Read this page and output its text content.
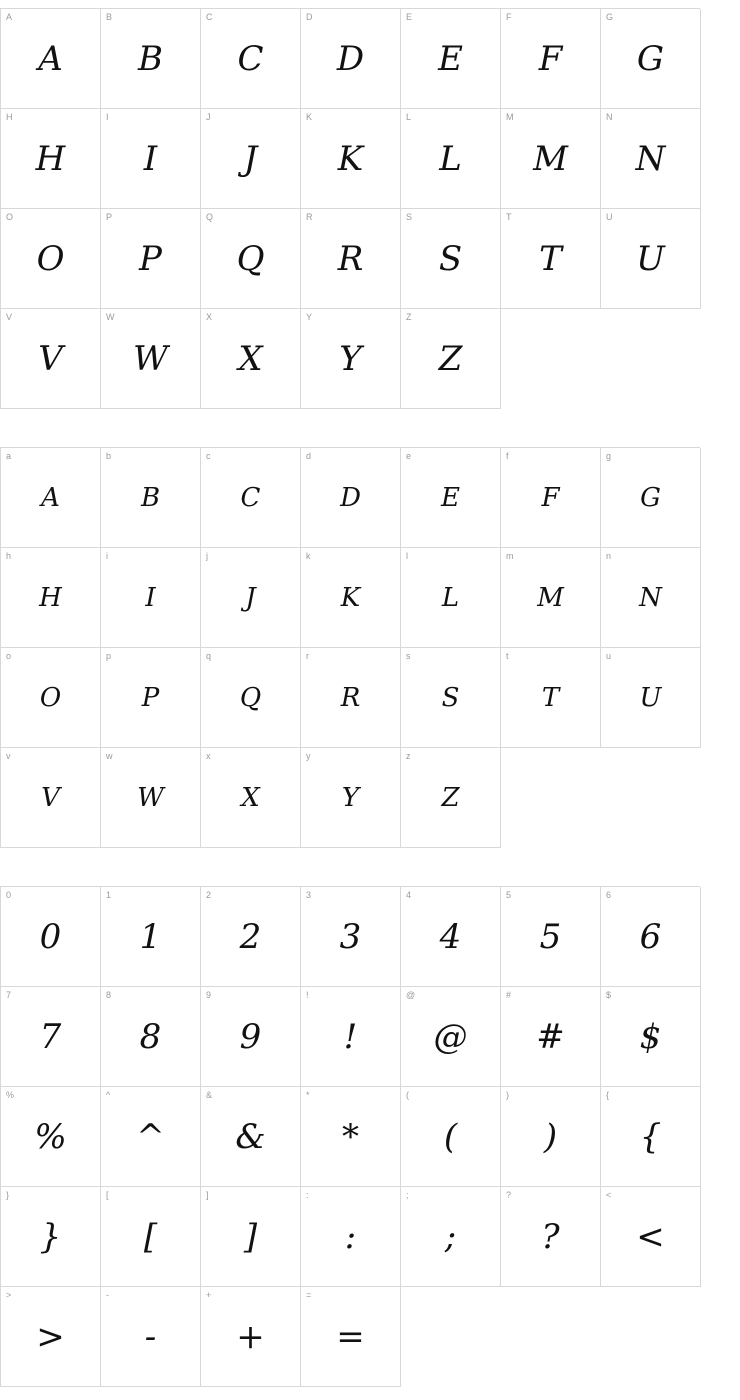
A
A
B
B
C
C
D
D
E
E
F
F
G
G
H
H
I
I
J
J
K
K
L
L
M
M
N
N
O
O
P
P
Q
Q
R
R
S
S
T
T
U
U
V
V
W
W
X
X
Y
Y
Z
Z
a
A
b
B
c
C
d
D
e
E
f
F
g
G
h
H
i
I
j
J
k
K
l
L
m
M
n
N
o
O
p
P
q
Q
r
R
s
S
t
T
u
U
v
V
w
W
x
X
y
Y
z
Z
0
0
1
1
2
2
3
3
4
4
5
5
6
6
7
7
8
8
9
9
!
!
@
@
#
#
$
$
%
%
^
^
&
&
*
*
(
(
)
)
{
{
}
}
[
[
]
]
:
:
;
;
?
?
<
<
>
>
-
-
+
+
=
=
